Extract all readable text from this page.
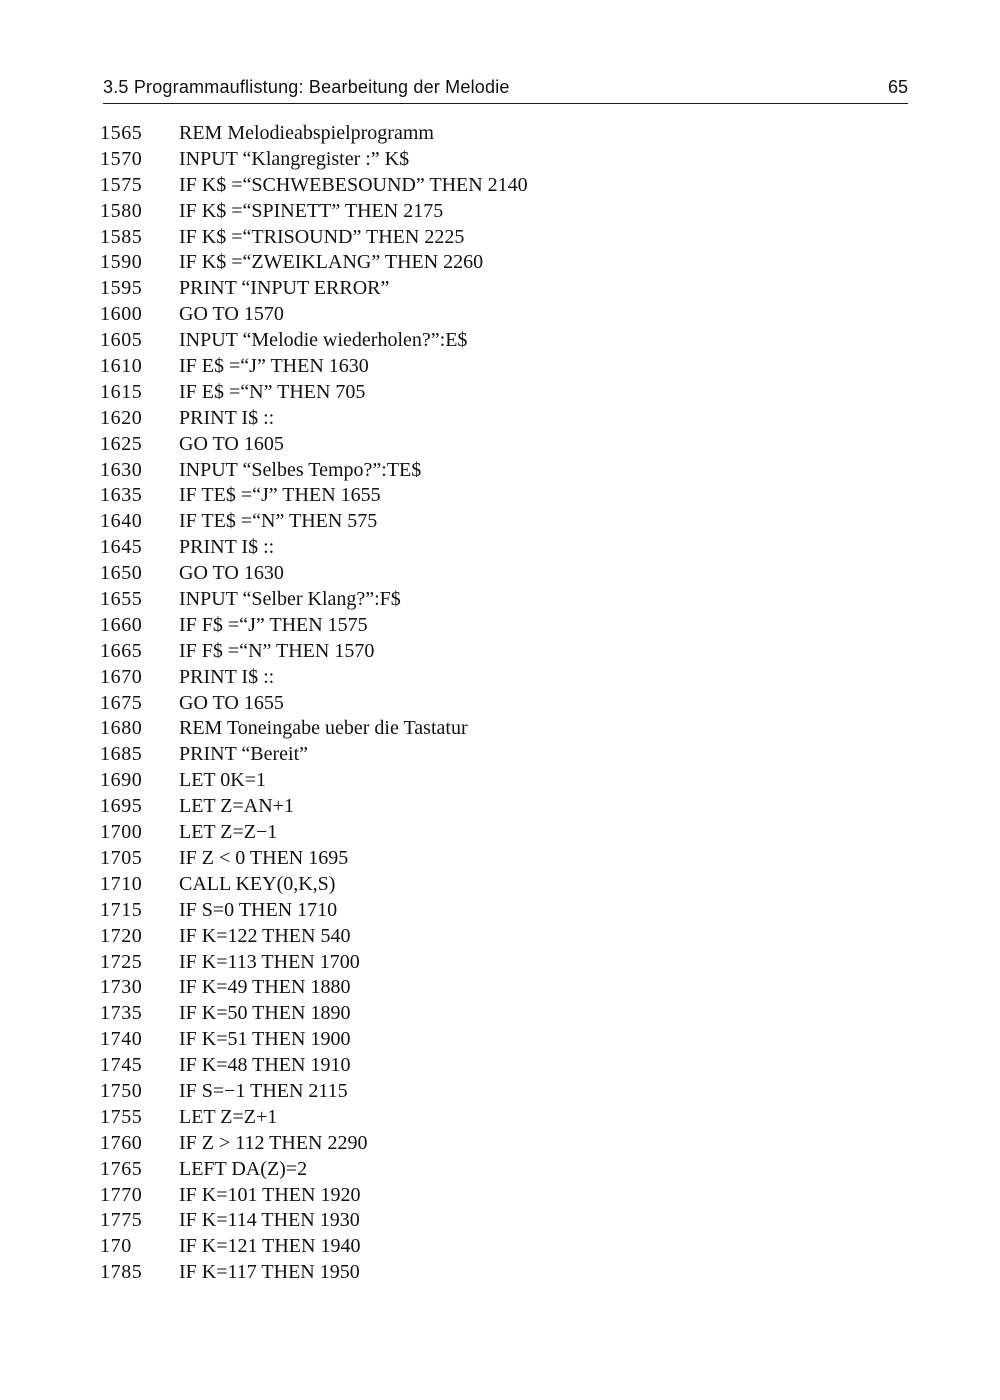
3.5 Programmauflistung: Bearbeitung der Melodie	65
1565	REM Melodieabspielprogramm
1570	INPUT “Klangregister :” K$
1575	IF K$ =“SCHWEBESOUND” THEN 2140
1580	IF K$ =“SPINETT” THEN 2175
1585	IF K$ =“TRISOUND” THEN 2225
1590	IF K$ =“ZWEIKLANG” THEN 2260
1595	PRINT “INPUT ERROR”
1600	GO TO 1570
1605	INPUT “Melodie wiederholen?”:E$
1610	IF E$ =“J” THEN 1630
1615	IF E$ =“N” THEN 705
1620	PRINT I$ ::
1625	GO TO 1605
1630	INPUT “Selbes Tempo?”:TE$
1635	IF TE$ =“J” THEN 1655
1640	IF TE$ =“N” THEN 575
1645	PRINT I$ ::
1650	GO TO 1630
1655	INPUT “Selber Klang?”:F$
1660	IF F$ =“J” THEN 1575
1665	IF F$ =“N” THEN 1570
1670	PRINT I$ ::
1675	GO TO 1655
1680	REM Toneingabe ueber die Tastatur
1685	PRINT “Bereit”
1690	LET 0K=1
1695	LET Z=AN+1
1700	LET Z=Z−1
1705	IF Z < 0 THEN 1695
1710	CALL KEY(0,K,S)
1715	IF S=0 THEN 1710
1720	IF K=122 THEN 540
1725	IF K=113 THEN 1700
1730	IF K=49 THEN 1880
1735	IF K=50 THEN 1890
1740	IF K=51 THEN 1900
1745	IF K=48 THEN 1910
1750	IF S=−1 THEN 2115
1755	LET Z=Z+1
1760	IF Z > 112 THEN 2290
1765	LEFT DA(Z)=2
1770	IF K=101 THEN 1920
1775	IF K=114 THEN 1930
170	IF K=121 THEN 1940
1785	IF K=117 THEN 1950
